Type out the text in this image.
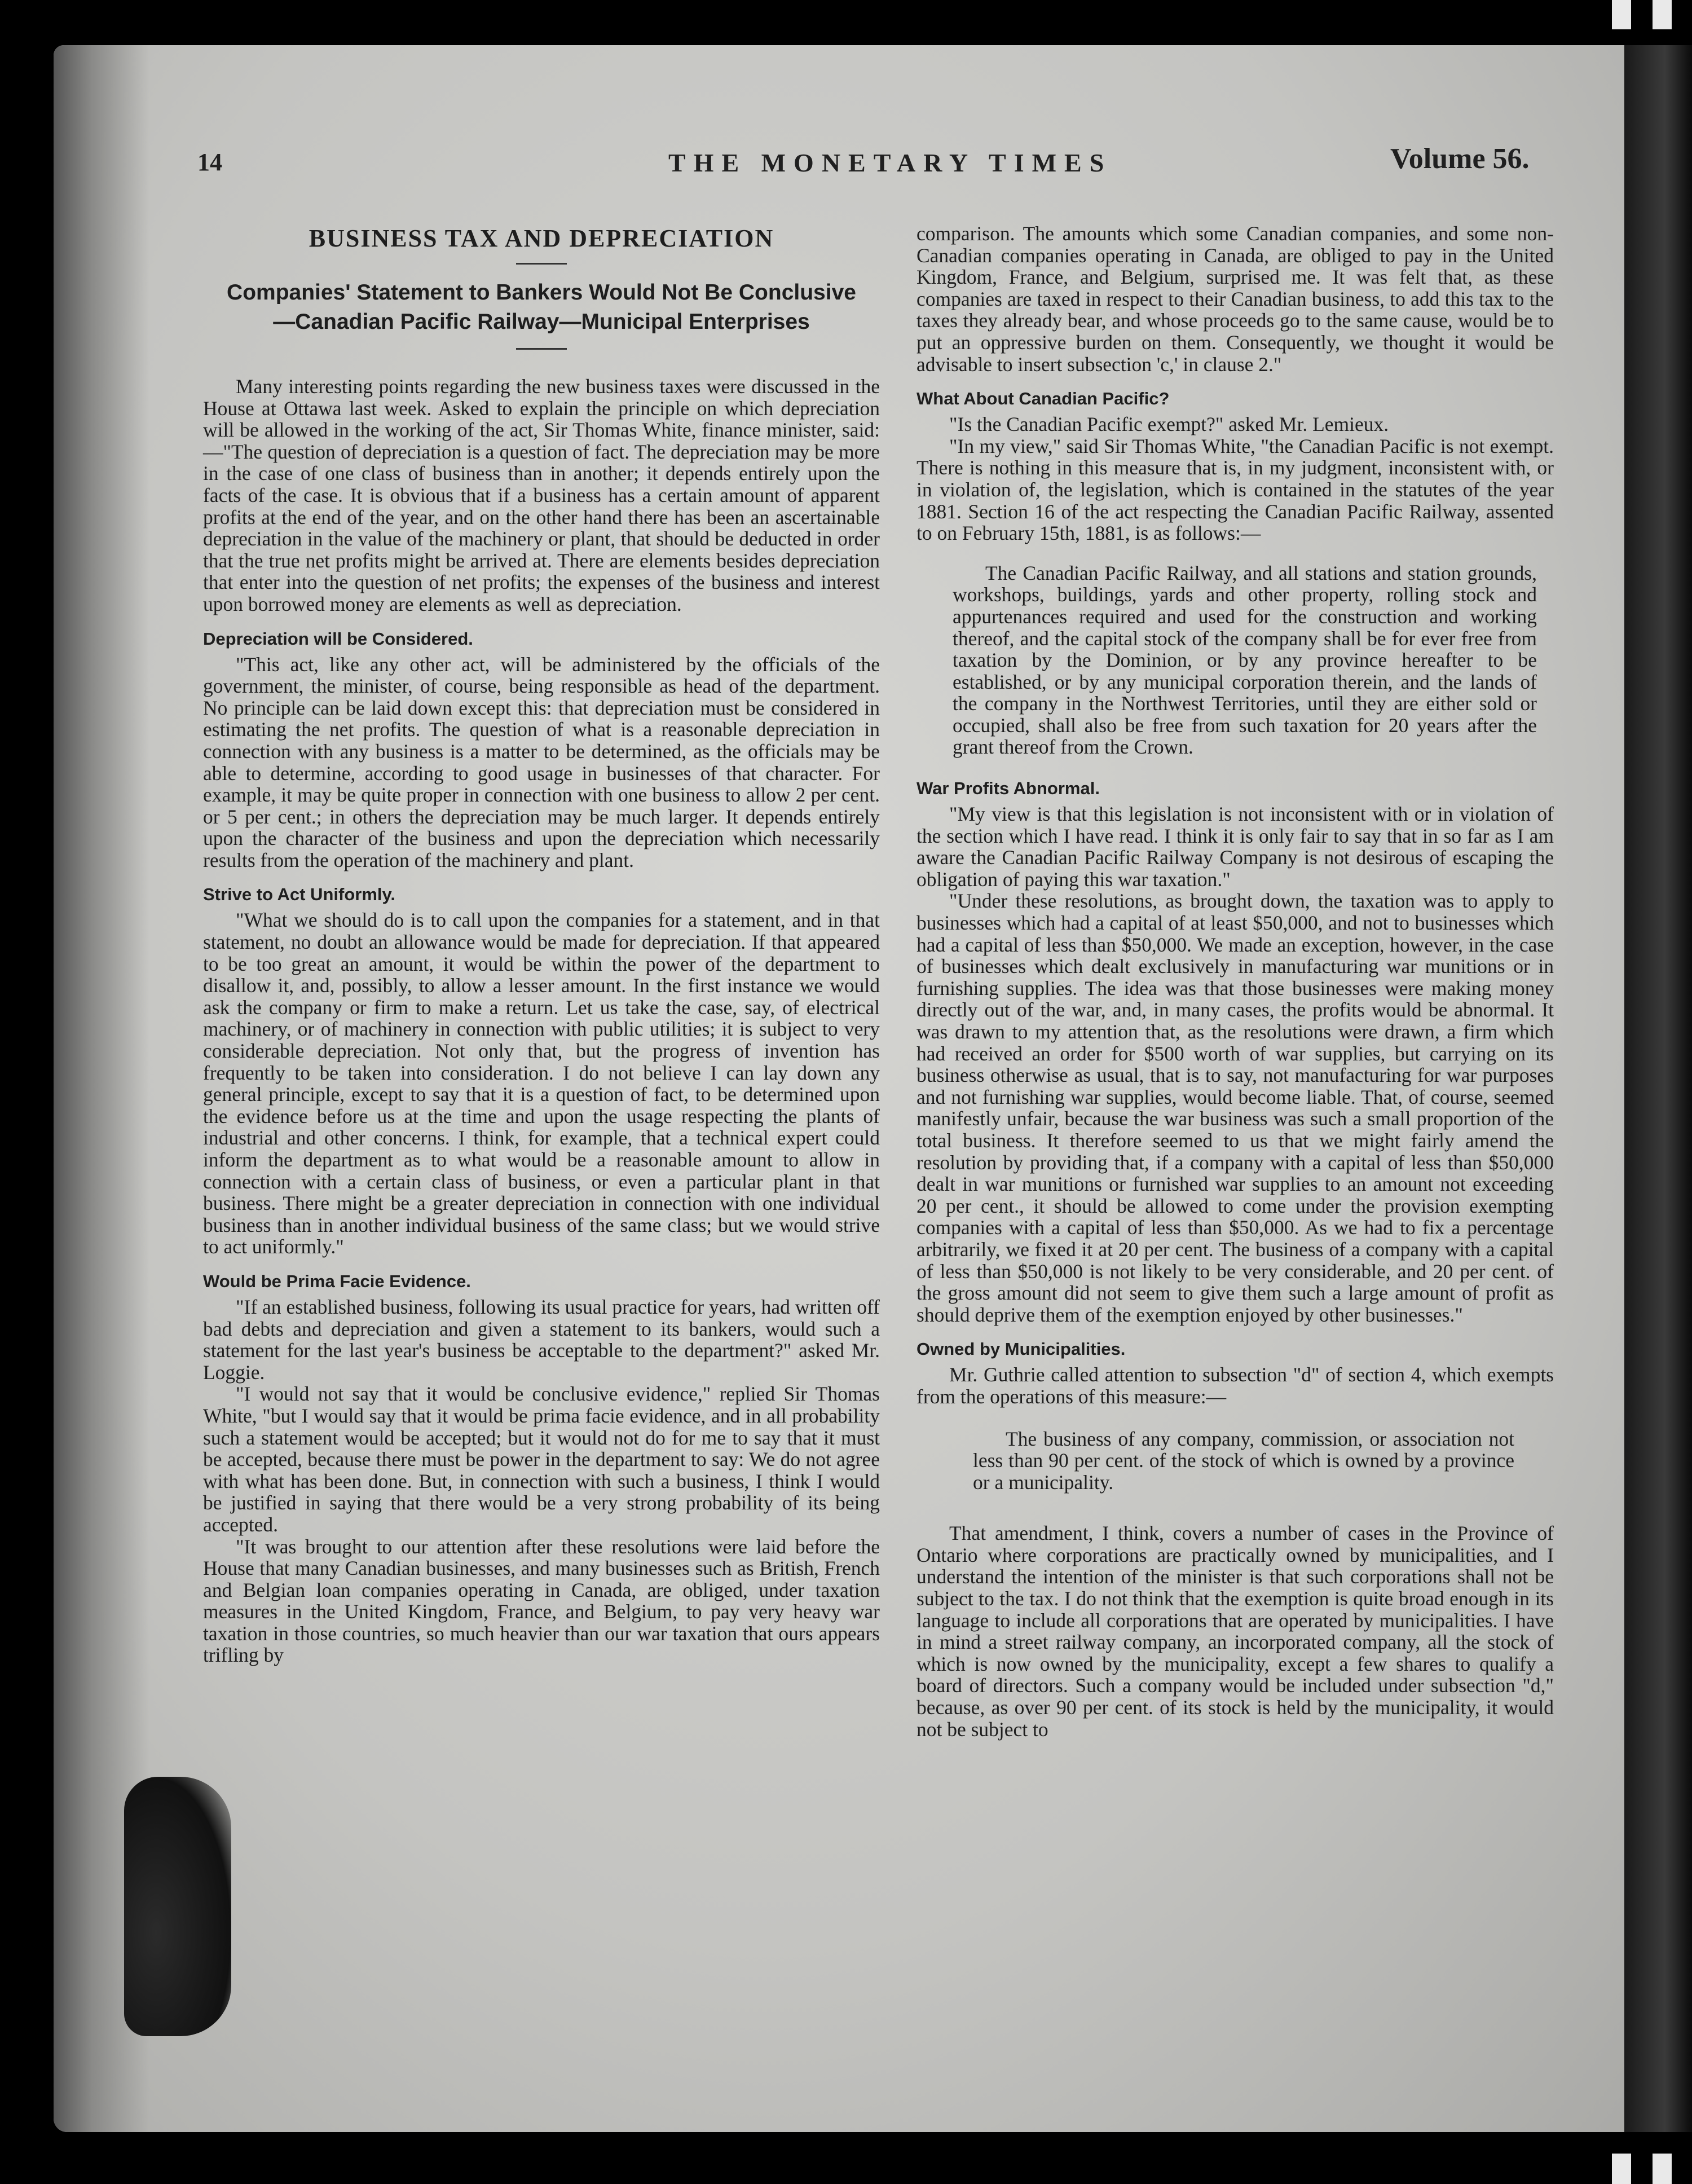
14	THE MONETARY TIMES	Volume 56.
BUSINESS TAX AND DEPRECIATION
Companies' Statement to Bankers Would Not Be Conclusive—Canadian Pacific Railway—Municipal Enterprises

Many interesting points regarding the new business taxes were discussed in the House at Ottawa last week. Asked to explain the principle on which depreciation will be allowed in the working of the act, Sir Thomas White, finance minister, said:—"The question of depreciation is a question of fact. The depreciation may be more in the case of one class of business than in another; it depends entirely upon the facts of the case. It is obvious that if a business has a certain amount of apparent profits at the end of the year, and on the other hand there has been an ascertainable depreciation in the value of the machinery or plant, that should be deducted in order that the true net profits might be arrived at. There are elements besides depreciation that enter into the question of net profits; the expenses of the business and interest upon borrowed money are elements as well as depreciation.

Depreciation will be Considered.

"This act, like any other act, will be administered by the officials of the government, the minister, of course, being responsible as head of the department. No principle can be laid down except this: that depreciation must be considered in estimating the net profits. The question of what is a reasonable depreciation in connection with any business is a matter to be determined, as the officials may be able to determine, according to good usage in businesses of that character. For example, it may be quite proper in connection with one business to allow 2 per cent. or 5 per cent.; in others the depreciation may be much larger. It depends entirely upon the character of the business and upon the depreciation which necessarily results from the operation of the machinery and plant.

Strive to Act Uniformly.

"What we should do is to call upon the companies for a statement, and in that statement, no doubt an allowance would be made for depreciation. If that appeared to be too great an amount, it would be within the power of the department to disallow it, and, possibly, to allow a lesser amount. In the first instance we would ask the company or firm to make a return. Let us take the case, say, of electrical machinery, or of machinery in connection with public utilities; it is subject to very considerable depreciation. Not only that, but the progress of invention has frequently to be taken into consideration. I do not believe I can lay down any general principle, except to say that it is a question of fact, to be determined upon the evidence before us at the time and upon the usage respecting the plants of industrial and other concerns. I think, for example, that a technical expert could inform the department as to what would be a reasonable amount to allow in connection with a certain class of business, or even a particular plant in that business. There might be a greater depreciation in connection with one individual business than in another individual business of the same class; but we would strive to act uniformly."

Would be Prima Facie Evidence.

"If an established business, following its usual practice for years, had written off bad debts and depreciation and given a statement to its bankers, would such a statement for the last year's business be acceptable to the department?" asked Mr. Loggie.

"I would not say that it would be conclusive evidence," replied Sir Thomas White, "but I would say that it would be prima facie evidence, and in all probability such a statement would be accepted; but it would not do for me to say that it must be accepted, because there must be power in the department to say: We do not agree with what has been done. But, in connection with such a business, I think I would be justified in saying that there would be a very strong probability of its being accepted.

"It was brought to our attention after these resolutions were laid before the House that many Canadian businesses, and many businesses such as British, French and Belgian loan companies operating in Canada, are obliged, under taxation measures in the United Kingdom, France, and Belgium, to pay very heavy war taxation in those countries, so much heavier than our war taxation that ours appears trifling by

comparison. The amounts which some Canadian companies, and some non-Canadian companies operating in Canada, are obliged to pay in the United Kingdom, France, and Belgium, surprised me. It was felt that, as these companies are taxed in respect to their Canadian business, to add this tax to the taxes they already bear, and whose proceeds go to the same cause, would be to put an oppressive burden on them. Consequently, we thought it would be advisable to insert subsection 'c,' in clause 2."

What About Canadian Pacific?

"Is the Canadian Pacific exempt?" asked Mr. Lemieux.

"In my view," said Sir Thomas White, "the Canadian Pacific is not exempt. There is nothing in this measure that is, in my judgment, inconsistent with, or in violation of, the legislation, which is contained in the statutes of the year 1881. Section 16 of the act respecting the Canadian Pacific Railway, assented to on February 15th, 1881, is as follows:—

The Canadian Pacific Railway, and all stations and station grounds, workshops, buildings, yards and other property, rolling stock and appurtenances required and used for the construction and working thereof, and the capital stock of the company shall be for ever free from taxation by the Dominion, or by any province hereafter to be established, or by any municipal corporation therein, and the lands of the company in the Northwest Territories, until they are either sold or occupied, shall also be free from such taxation for 20 years after the grant thereof from the Crown.

War Profits Abnormal.

"My view is that this legislation is not inconsistent with or in violation of the section which I have read. I think it is only fair to say that in so far as I am aware the Canadian Pacific Railway Company is not desirous of escaping the obligation of paying this war taxation."

"Under these resolutions, as brought down, the taxation was to apply to businesses which had a capital of at least $50,000, and not to businesses which had a capital of less than $50,000. We made an exception, however, in the case of businesses which dealt exclusively in manufacturing war munitions or in furnishing supplies. The idea was that those businesses were making money directly out of the war, and, in many cases, the profits would be abnormal. It was drawn to my attention that, as the resolutions were drawn, a firm which had received an order for $500 worth of war supplies, but carrying on its business otherwise as usual, that is to say, not manufacturing for war purposes and not furnishing war supplies, would become liable. That, of course, seemed manifestly unfair, because the war business was such a small proportion of the total business. It therefore seemed to us that we might fairly amend the resolution by providing that, if a company with a capital of less than $50,000 dealt in war munitions or furnished war supplies to an amount not exceeding 20 per cent., it should be allowed to come under the provision exempting companies with a capital of less than $50,000. As we had to fix a percentage arbitrarily, we fixed it at 20 per cent. The business of a company with a capital of less than $50,000 is not likely to be very considerable, and 20 per cent. of the gross amount did not seem to give them such a large amount of profit as should deprive them of the exemption enjoyed by other businesses."

Owned by Municipalities.

Mr. Guthrie called attention to subsection "d" of section 4, which exempts from the operations of this measure:—

The business of any company, commission, or association not less than 90 per cent. of the stock of which is owned by a province or a municipality.

That amendment, I think, covers a number of cases in the Province of Ontario where corporations are practically owned by municipalities, and I understand the intention of the minister is that such corporations shall not be subject to the tax. I do not think that the exemption is quite broad enough in its language to include all corporations that are operated by municipalities. I have in mind a street railway company, an incorporated company, all the stock of which is now owned by the municipality, except a few shares to qualify a board of directors. Such a company would be included under subsection "d," because, as over 90 per cent. of its stock is held by the municipality, it would not be subject to
